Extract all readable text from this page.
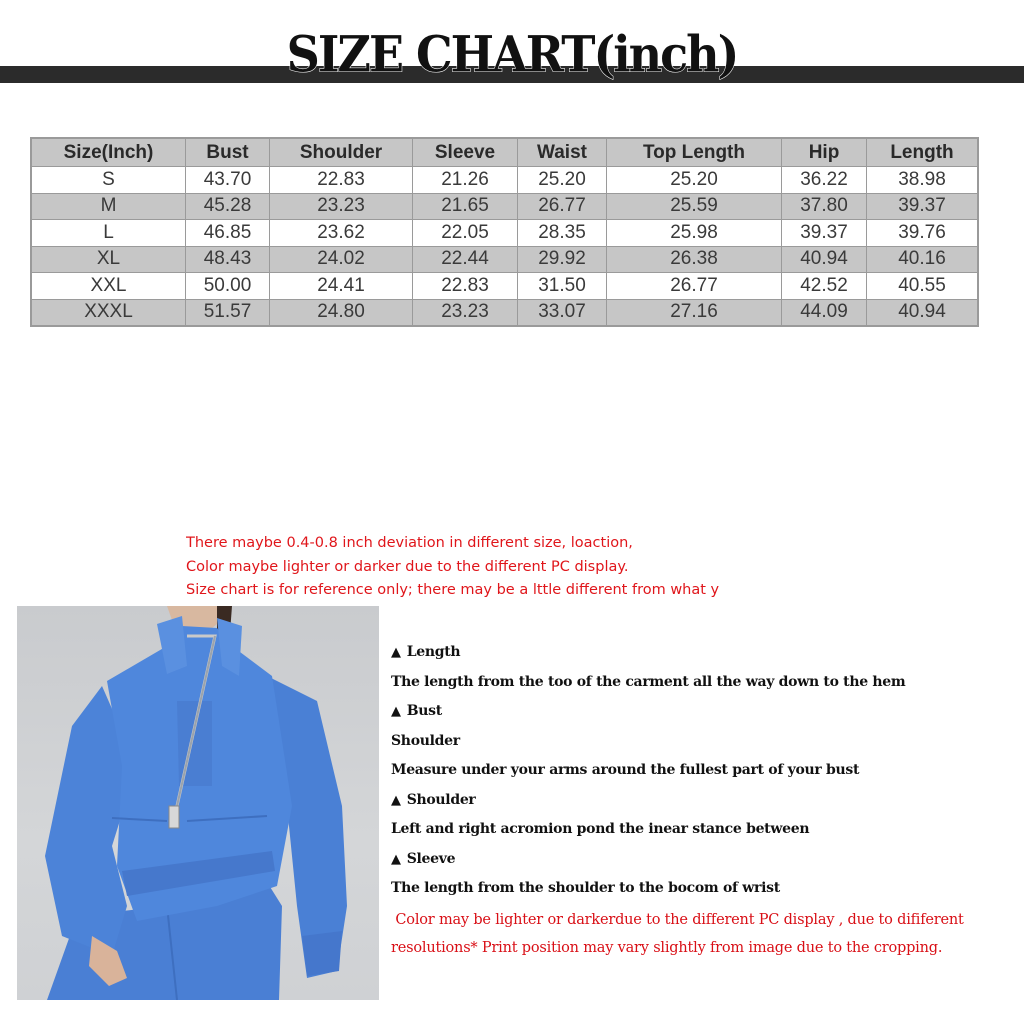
SIZE CHART(inch)
Size(Inch)	Bust	Shoulder	Sleeve	Waist	Top Length	Hip	Length
S	43.70	22.83	21.26	25.20	25.20	36.22	38.98
M	45.28	23.23	21.65	26.77	25.59	37.80	39.37
L	46.85	23.62	22.05	28.35	25.98	39.37	39.76
XL	48.43	24.02	22.44	29.92	26.38	40.94	40.16
XXL	50.00	24.41	22.83	31.50	26.77	42.52	40.55
XXXL	51.57	24.80	23.23	33.07	27.16	44.09	40.94
There maybe 0.4-0.8 inch deviation in different size, loaction,
Color maybe lighter or darker due to the different PC display.
Size chart is for reference only; there may be a lttle different from what y
▲ Length
The length from the too of the carment all the way down to the hem
▲ Bust
Shoulder
Measure under your arms around the fullest part of your bust
▲ Shoulder
Left and right acromion pond the inear stance between
▲ Sleeve
The length from the shoulder to the bocom of wrist
Color may be lighter or darkerdue to the different PC display , due to dififerent
resolutions* Print position may vary slightly from image due to the cropping.
